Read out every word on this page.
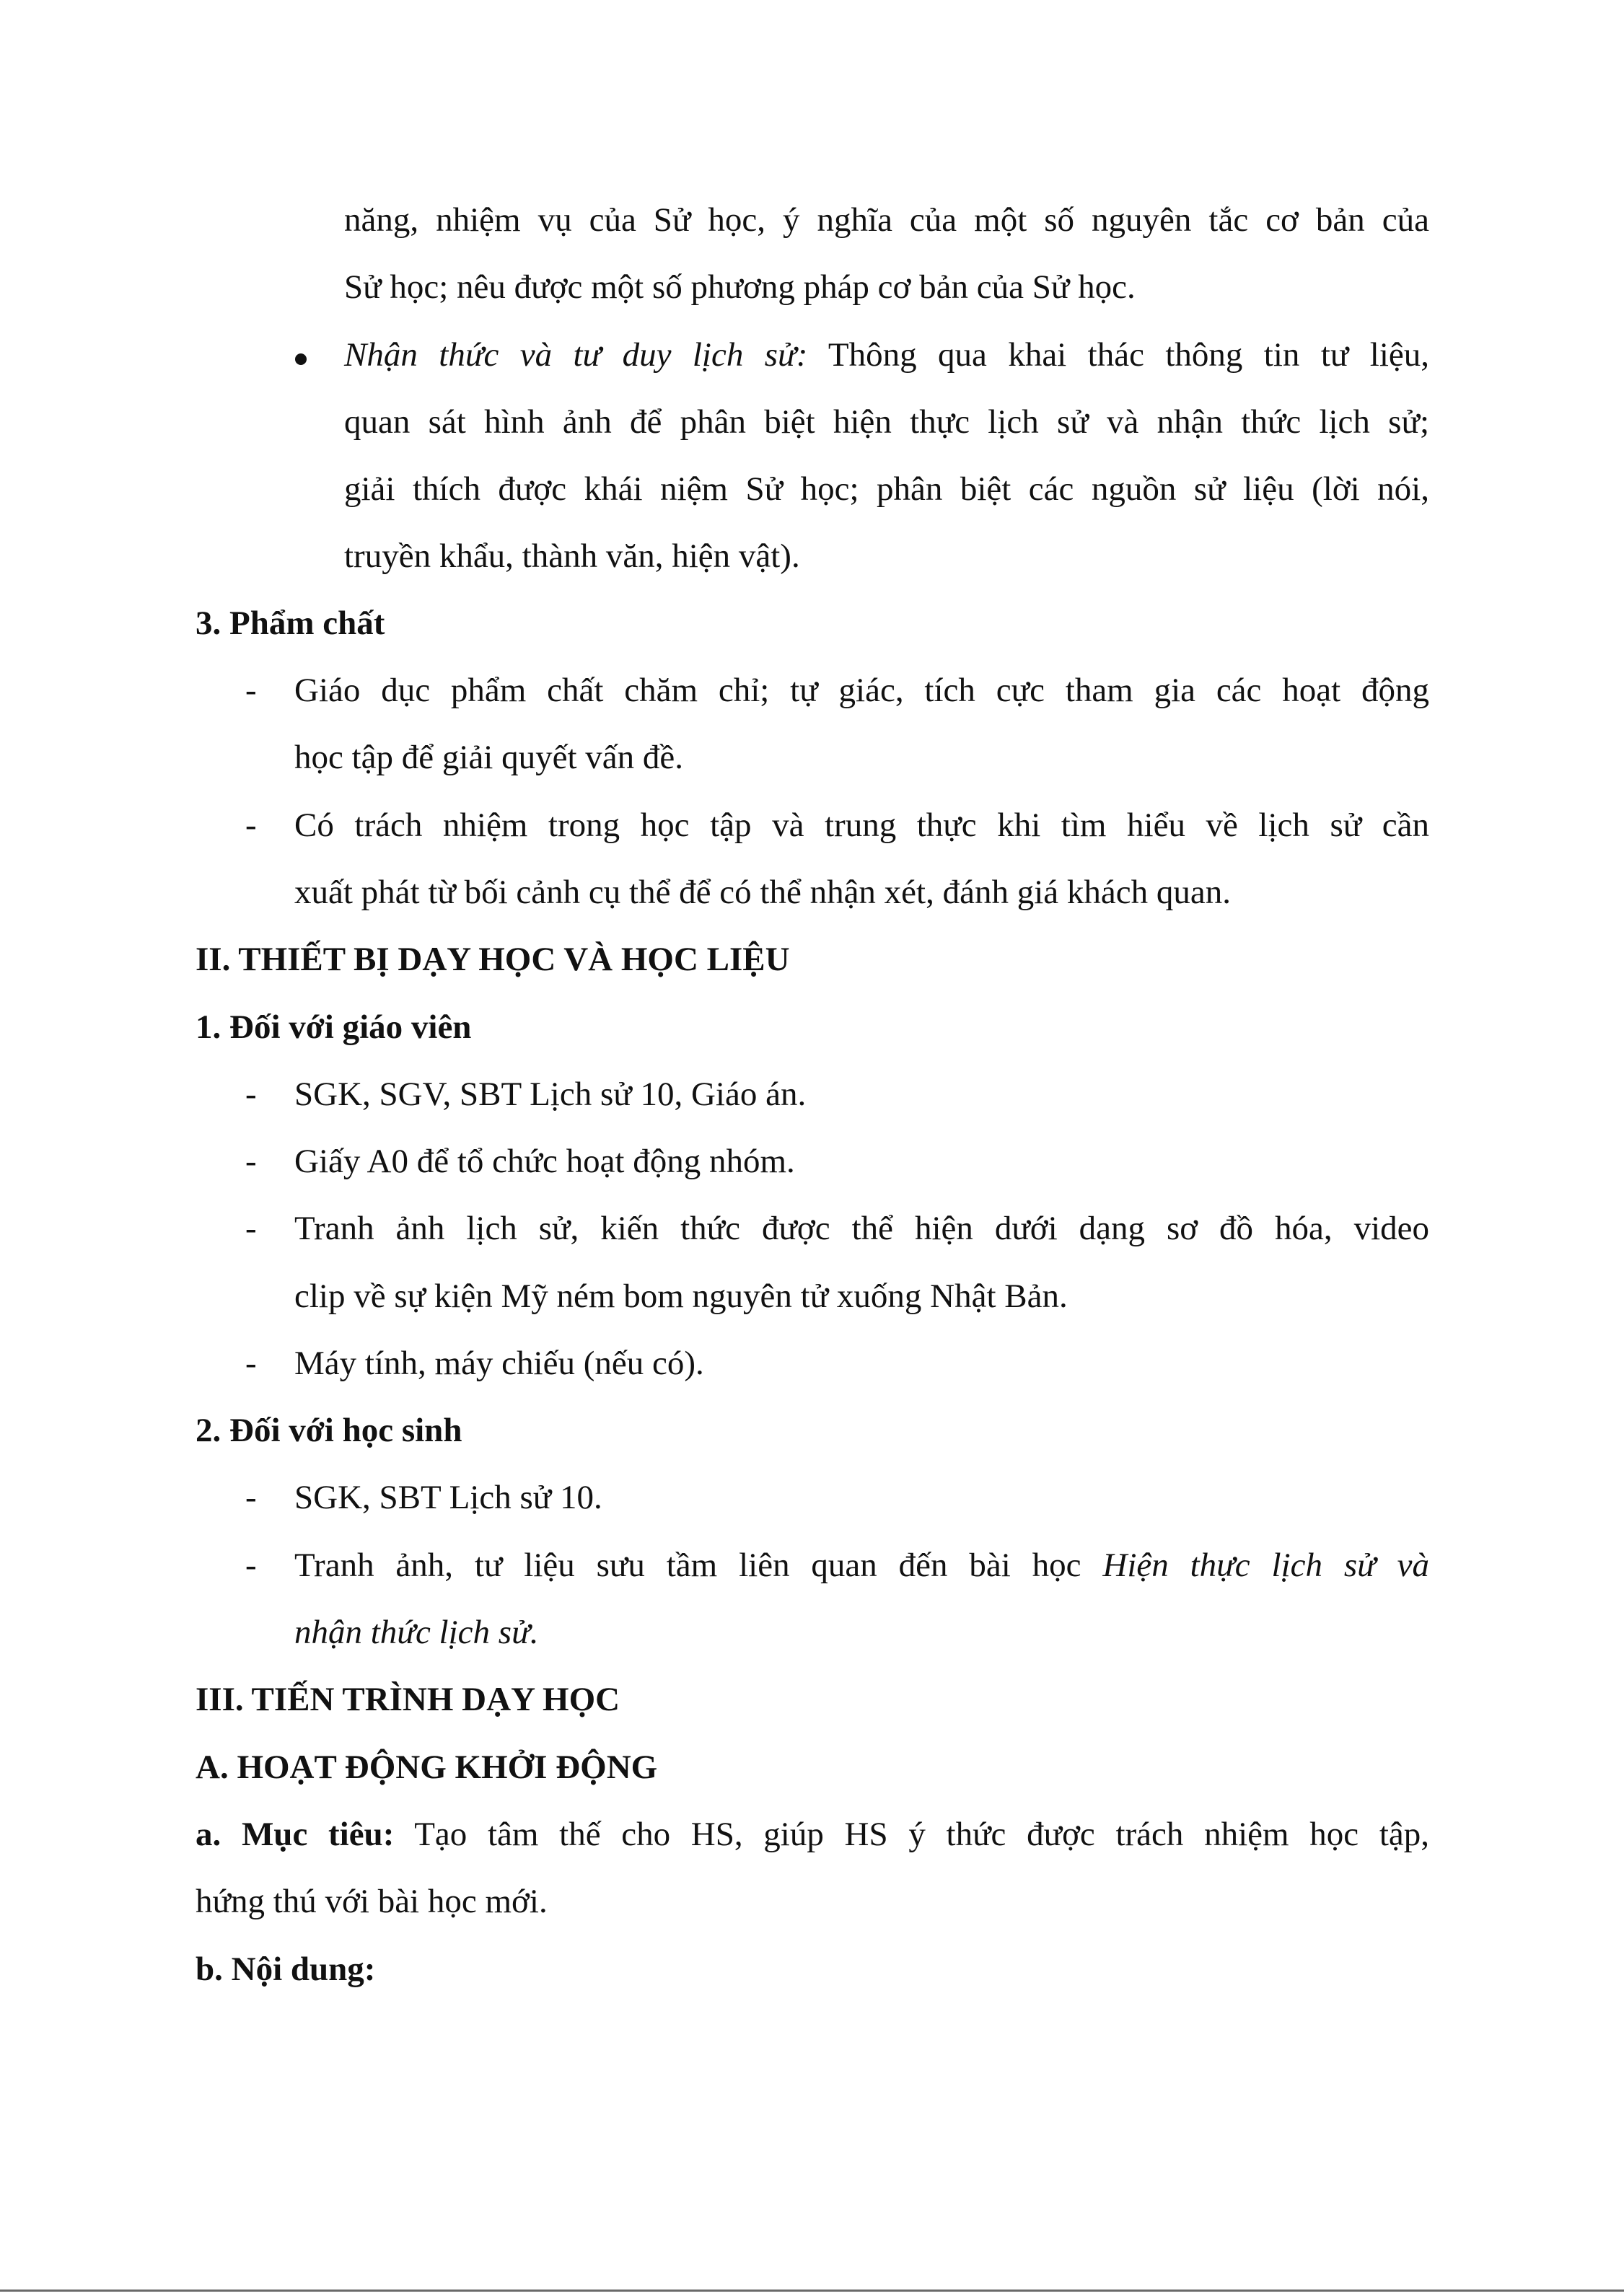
năng, nhiệm vụ của Sử học, ý nghĩa của một số nguyên tắc cơ bản của
Sử học; nêu được một số phương pháp cơ bản của Sử học.
Nhận thức và tư duy lịch sử: Thông qua khai thác thông tin tư liệu,
quan sát hình ảnh để phân biệt hiện thực lịch sử và nhận thức lịch sử;
giải thích được khái niệm Sử học; phân biệt các nguồn sử liệu (lời nói,
truyền khẩu, thành văn, hiện vật).
3. Phẩm chất
- Giáo dục phẩm chất chăm chỉ; tự giác, tích cực tham gia các hoạt động
học tập để giải quyết vấn đề.
- Có trách nhiệm trong học tập và trung thực khi tìm hiểu về lịch sử cần
xuất phát từ bối cảnh cụ thể để có thể nhận xét, đánh giá khách quan.
II. THIẾT BỊ DẠY HỌC VÀ HỌC LIỆU
1. Đối với giáo viên
- SGK, SGV, SBT Lịch sử 10, Giáo án.
- Giấy A0 để tổ chức hoạt động nhóm.
- Tranh ảnh lịch sử, kiến thức được thể hiện dưới dạng sơ đồ hóa, video
clip về sự kiện Mỹ ném bom nguyên tử xuống Nhật Bản.
- Máy tính, máy chiếu (nếu có).
2. Đối với học sinh
- SGK, SBT Lịch sử 10.
- Tranh ảnh, tư liệu sưu tầm liên quan đến bài học Hiện thực lịch sử và
nhận thức lịch sử.
III. TIẾN TRÌNH DẠY HỌC
A. HOẠT ĐỘNG KHỞI ĐỘNG
a. Mục tiêu: Tạo tâm thế cho HS, giúp HS ý thức được trách nhiệm học tập,
hứng thú với bài học mới.
b. Nội dung:
